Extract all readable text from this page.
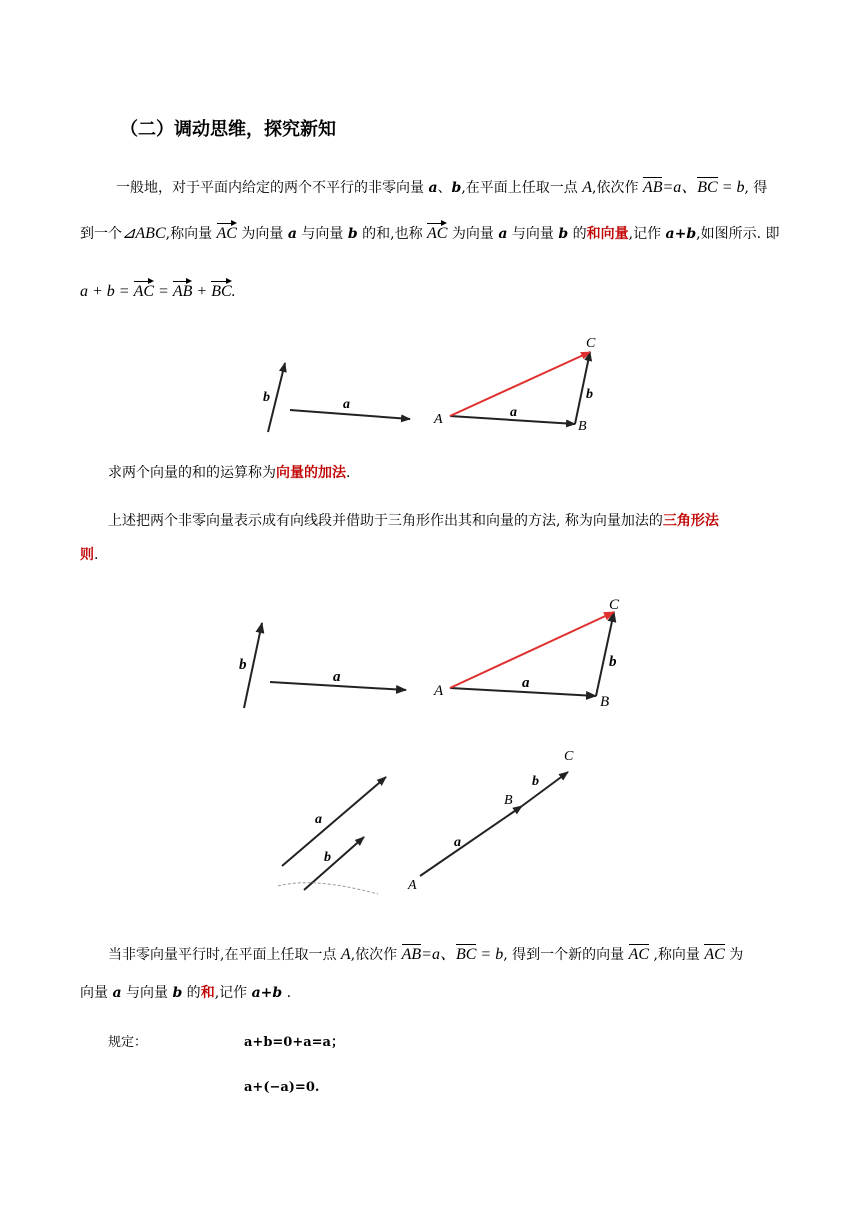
（二）调动思维，探究新知
一般地，对于平面内给定的两个不平行的非零向量 a、b,在平面上任取一点 A,依次作 AB=a、BC = b, 得
到一个⊿ABC,称向量 AC 为向量 a 与向量 b 的和,也称 AC 为向量 a 与向量 b 的和向量,记作 a+b,如图所示. 即
a + b = AC = AB + BC.
b	a
A	B
C
a
b
求两个向量的和的运算称为向量的加法.
上述把两个非零向量表示成有向线段并借助于三角形作出其和向量的方法, 称为向量加法的三角形法
则.
b
a
A
B
C
a
b
a
b
A
B
C
a
b
当非零向量平行时,在平面上任取一点 A,依次作 AB=a、BC = b, 得到一个新的向量 AC ,称向量 AC 为
向量 a 与向量 b 的和,记作 a+b .
规定：	a+b=0+a=a；
a+(−a)=0.
